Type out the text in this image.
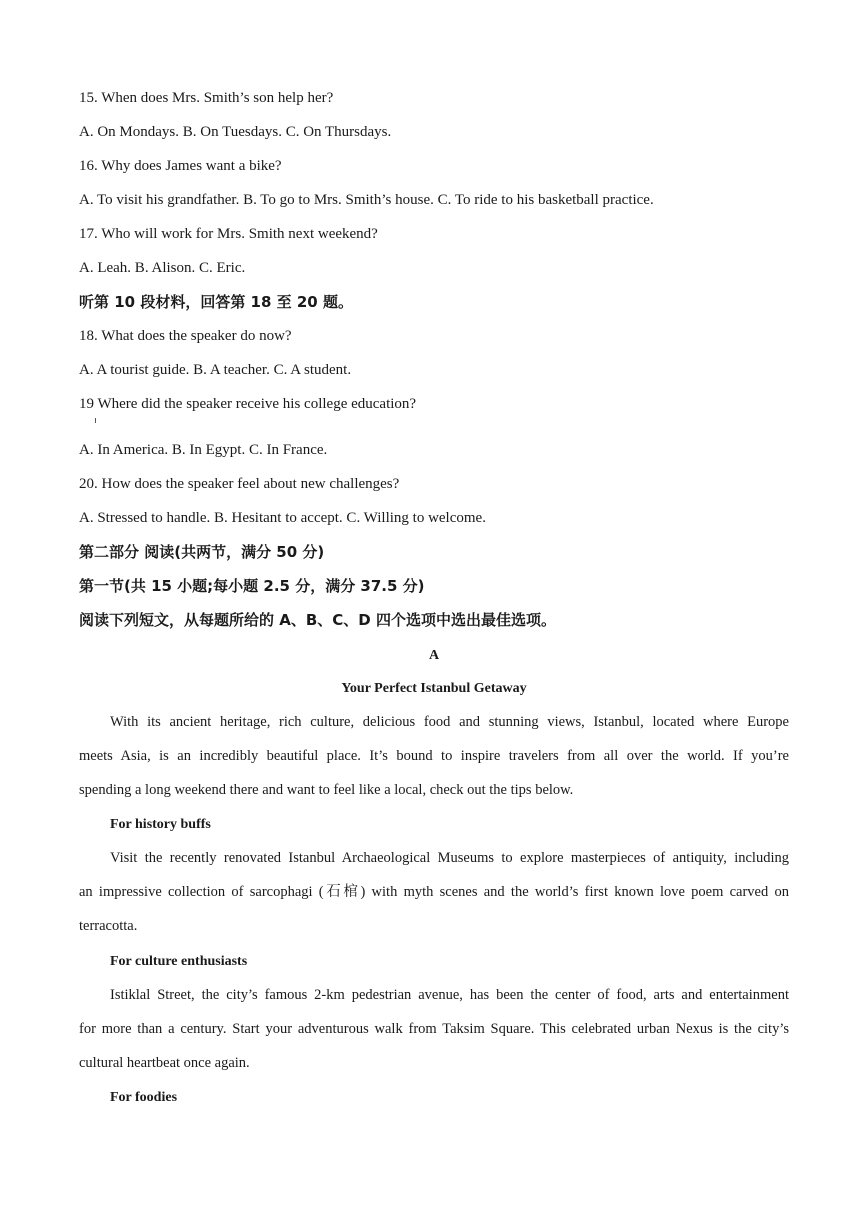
15. When does Mrs. Smith’s son help her?
A. On Mondays. B. On Tuesdays. C. On Thursdays.
16. Why does James want a bike?
A. To visit his grandfather. B. To go to Mrs. Smith’s house. C. To ride to his basketball practice.
17. Who will work for Mrs. Smith next weekend?
A. Leah. B. Alison. C. Eric.
听第 10 段材料，回答第 18 至 20 题。
18. What does the speaker do now?
A. A tourist guide. B. A teacher. C. A student.
19 Where did the speaker receive his college education?
A. In America. B. In Egypt. C. In France.
20. How does the speaker feel about new challenges?
A. Stressed to handle. B. Hesitant to accept. C. Willing to welcome.
第二部分 阅读(共两节，满分 50 分)
第一节(共 15 小题;每小题 2.5 分，满分 37.5 分)
阅读下列短文，从每题所给的 A、B、C、D 四个选项中选出最佳选项。
A
Your Perfect Istanbul Getaway
With its ancient heritage, rich culture, delicious food and stunning views, Istanbul, located where Europe
meets Asia, is an incredibly beautiful place. It’s bound to inspire travelers from all over the world. If you’re
spending a long weekend there and want to feel like a local, check out the tips below.
For history buffs
Visit the recently renovated Istanbul Archaeological Museums to explore masterpieces of antiquity, including
an impressive collection of sarcophagi (石棺) with myth scenes and the world’s first known love poem carved on
terracotta.
For culture enthusiasts
Istiklal Street, the city’s famous 2-km pedestrian avenue, has been the center of food, arts and entertainment
for more than a century. Start your adventurous walk from Taksim Square. This celebrated urban Nexus is the city’s
cultural heartbeat once again.
For foodies
